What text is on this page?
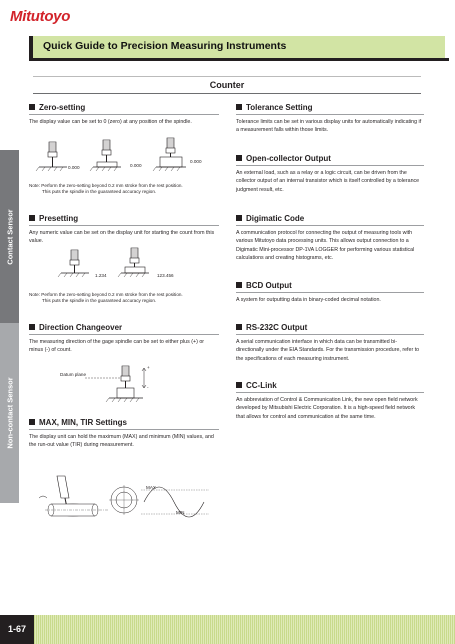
Mitutoyo
Quick Guide to Precision Measuring Instruments
Counter
Contact Sensor
Non-contact Sensor
Zero-setting
The display value can be set to 0 (zero) at any position of the spindle.
0.000	0.000
0.000
Note: Perform the zero-setting beyond 0.2 mm stroke from the rest position.
This puts the spindle in the guaranteed accuracy region.
Presetting
Any numeric value can be set on the display unit for starting the count from this value.
1.234	123.456
Note: Perform the zero-setting beyond 0.2 mm stroke from the rest position.
This puts the spindle in the guaranteed accuracy region.
Direction Changeover
The measuring direction of the gage spindle can be set to either plus (+) or minus (-) of count.
Datum plane
+
-
MAX, MIN, TIR Settings
The display unit can hold the maximum (MAX) and minimum (MIN) values, and the run-out value (TIR) during measurement.
MAX
MIN
Tolerance Setting
Tolerance limits can be set in various display units for automatically indicating if a measurement falls within those limits.
Open-collector Output
An external load, such as a relay or a logic circuit, can be driven from the collector output of an internal transistor which is itself controlled by a tolerance judgment result, etc.
Digimatic Code
A communication protocol for connecting the output of measuring tools with various Mitutoyo data processing units. This allows output connection to a Digimatic Mini-processor DP-1VA LOGGER for performing various statistical calculations and creating histograms, etc.
BCD Output
A system for outputting data in binary-coded decimal notation.
RS-232C Output
A serial communication interface in which data can be transmitted bi-directionally under the EIA Standards. For the transmission procedure, refer to the specifications of each measuring instrument.
CC-Link
An abbreviation of Control & Communication Link, the new open field network developed by Mitsubishi Electric Corporation. It is a high-speed field network that allows for control and communication at the same time.
1-67
